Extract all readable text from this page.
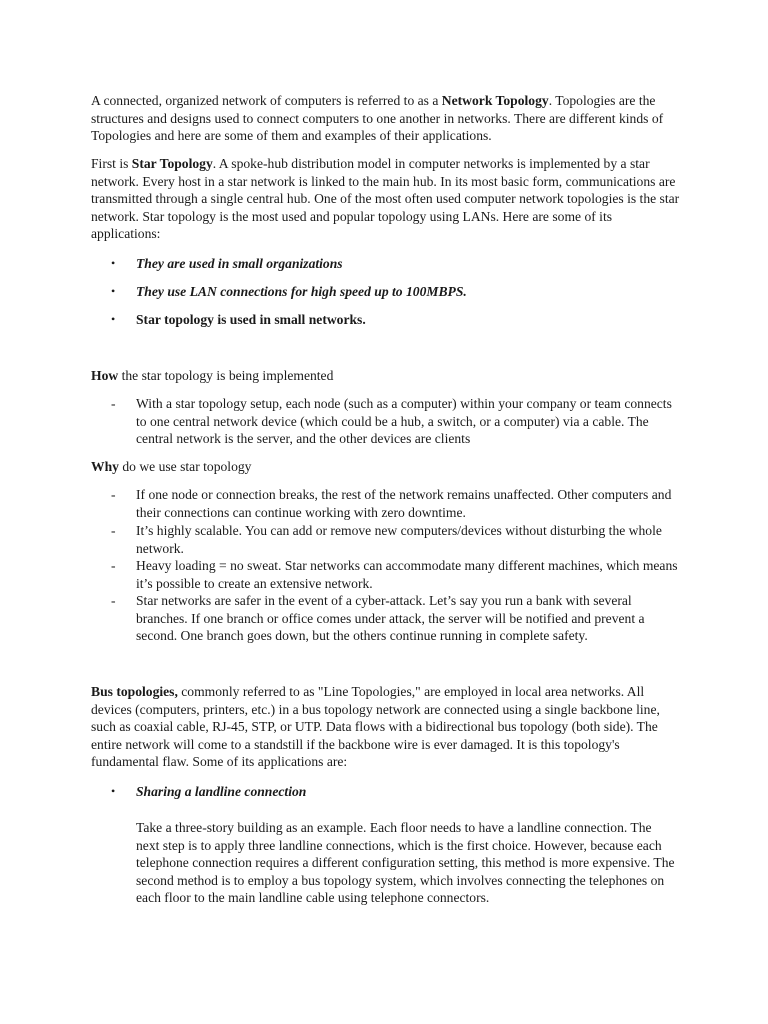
A connected, organized network of computers is referred to as a Network Topology. Topologies are the structures and designs used to connect computers to one another in networks. There are different kinds of Topologies and here are some of them and examples of their applications.

First is Star Topology. A spoke-hub distribution model in computer networks is implemented by a star network. Every host in a star network is linked to the main hub. In its most basic form, communications are transmitted through a single central hub. One of the most often used computer network topologies is the star network. Star topology is the most used and popular topology using LANs. Here are some of its applications:

• They are used in small organizations
• They use LAN connections for high speed up to 100MBPS.
• Star topology is used in small networks.

How the star topology is being implemented

- With a star topology setup, each node (such as a computer) within your company or team connects to one central network device (which could be a hub, a switch, or a computer) via a cable. The central network is the server, and the other devices are clients

Why do we use star topology

- If one node or connection breaks, the rest of the network remains unaffected. Other computers and their connections can continue working with zero downtime.
- It’s highly scalable. You can add or remove new computers/devices without disturbing the whole network.
- Heavy loading = no sweat. Star networks can accommodate many different machines, which means it’s possible to create an extensive network.
- Star networks are safer in the event of a cyber-attack. Let’s say you run a bank with several branches. If one branch or office comes under attack, the server will be notified and prevent a second. One branch goes down, but the others continue running in complete safety.

Bus topologies, commonly referred to as "Line Topologies," are employed in local area networks. All devices (computers, printers, etc.) in a bus topology network are connected using a single backbone line, such as coaxial cable, RJ-45, STP, or UTP. Data flows with a bidirectional bus topology (both side). The entire network will come to a standstill if the backbone wire is ever damaged. It is this topology's fundamental flaw. Some of its applications are:

• Sharing a landline connection

Take a three-story building as an example. Each floor needs to have a landline connection. The next step is to apply three landline connections, which is the first choice. However, because each telephone connection requires a different configuration setting, this method is more expensive. The second method is to employ a bus topology system, which involves connecting the telephones on each floor to the main landline cable using telephone connectors.
